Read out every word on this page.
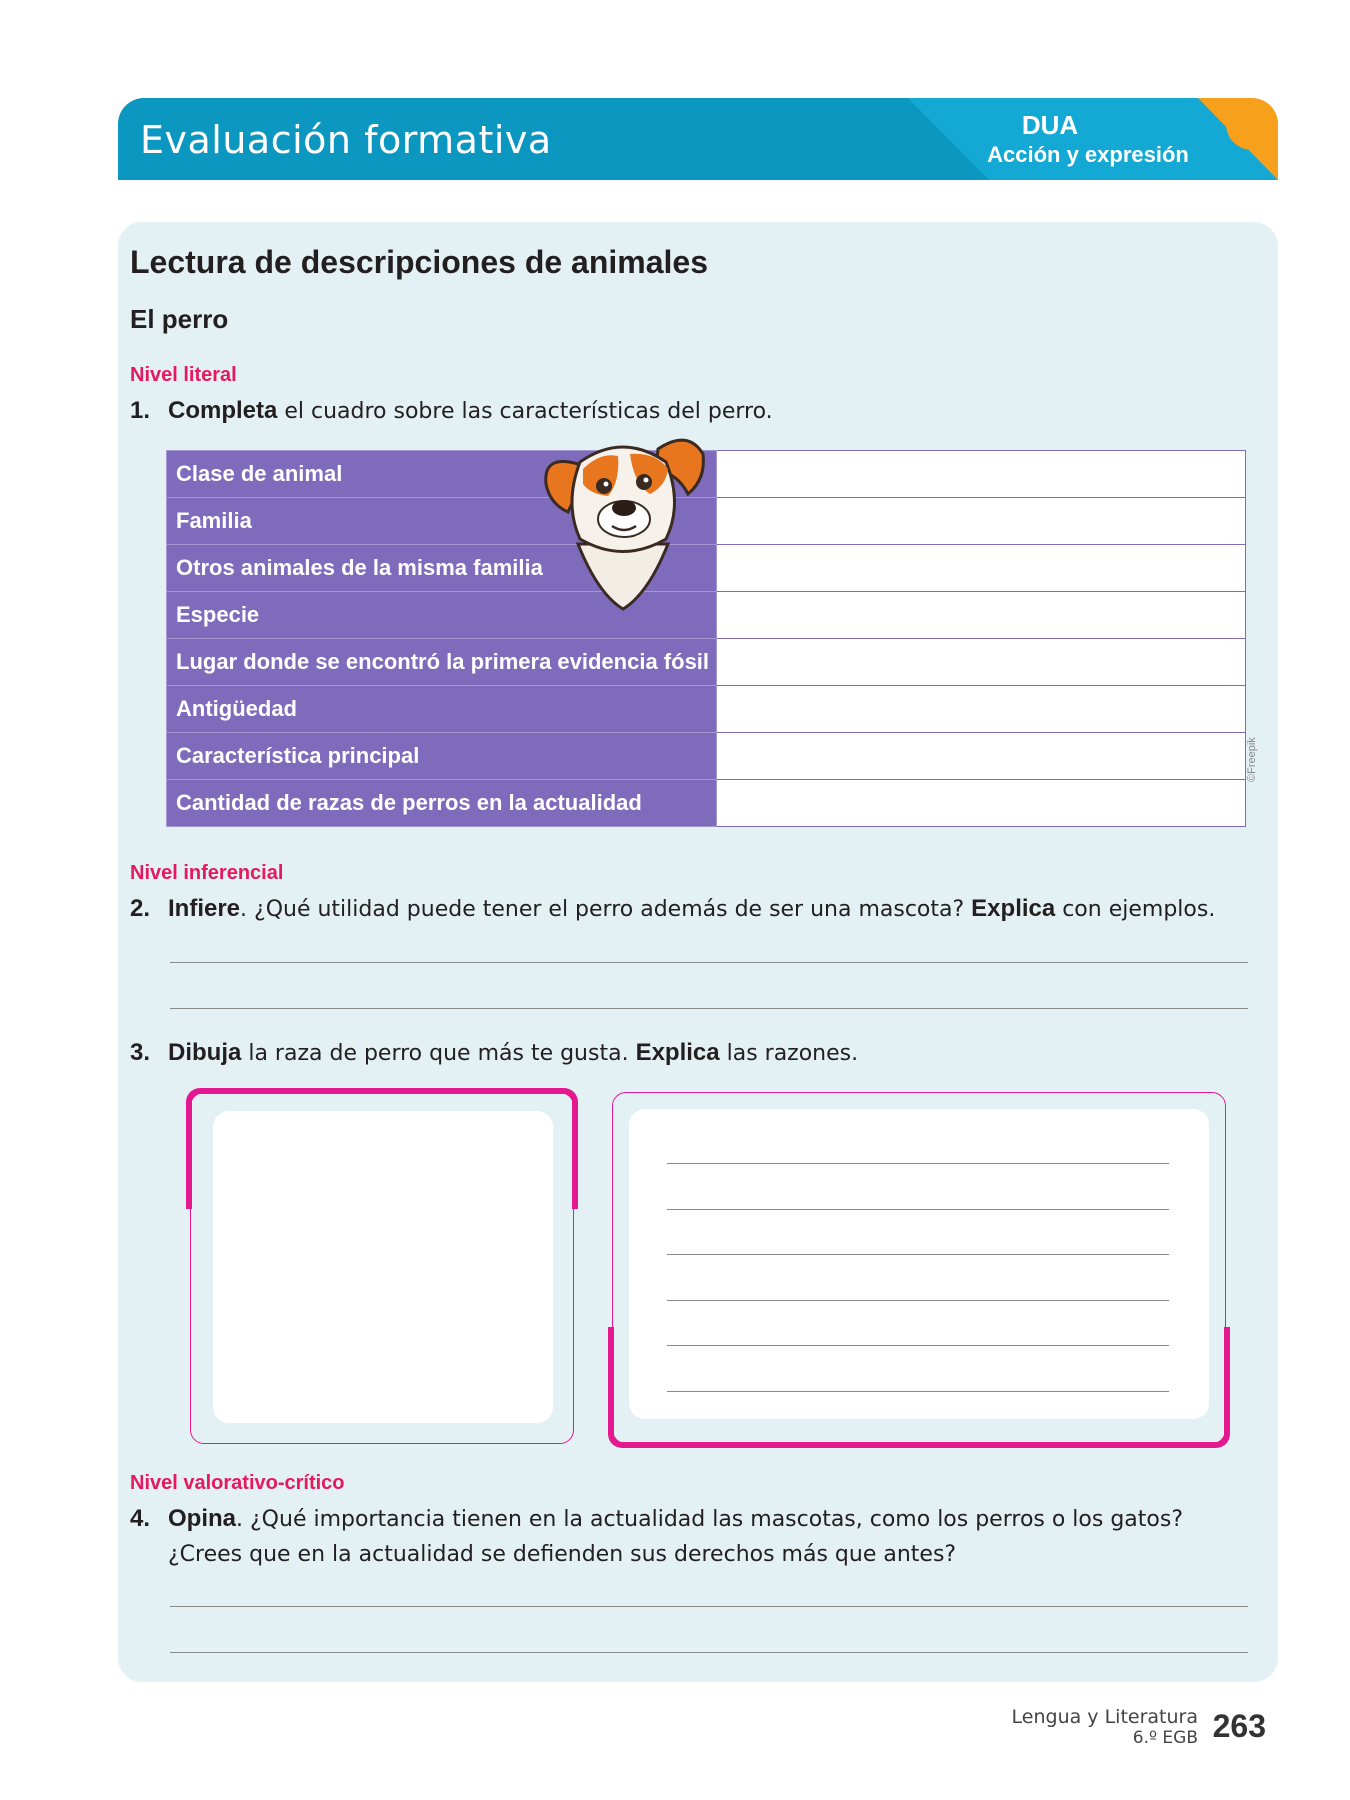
Evaluación formativa	DUA
Acción y expresión
Lectura de descripciones de animales
El perro
Nivel literal
1. Completa el cuadro sobre las características del perro.
Clase de animal	
Familia	
Otros animales de la misma familia	
Especie	
Lugar donde se encontró la primera evidencia fósil	
Antigüedad	
Característica principal	
Cantidad de razas de perros en la actualidad	
©Freepik
Nivel inferencial
2. Infiere. ¿Qué utilidad puede tener el perro además de ser una mascota? Explica con ejemplos.
3. Dibuja la raza de perro que más te gusta. Explica las razones.
Nivel valorativo-crítico
4. Opina. ¿Qué importancia tienen en la actualidad las mascotas, como los perros o los gatos? ¿Crees que en la actualidad se defienden sus derechos más que antes?
Lengua y Literatura
6.º EGB 263
